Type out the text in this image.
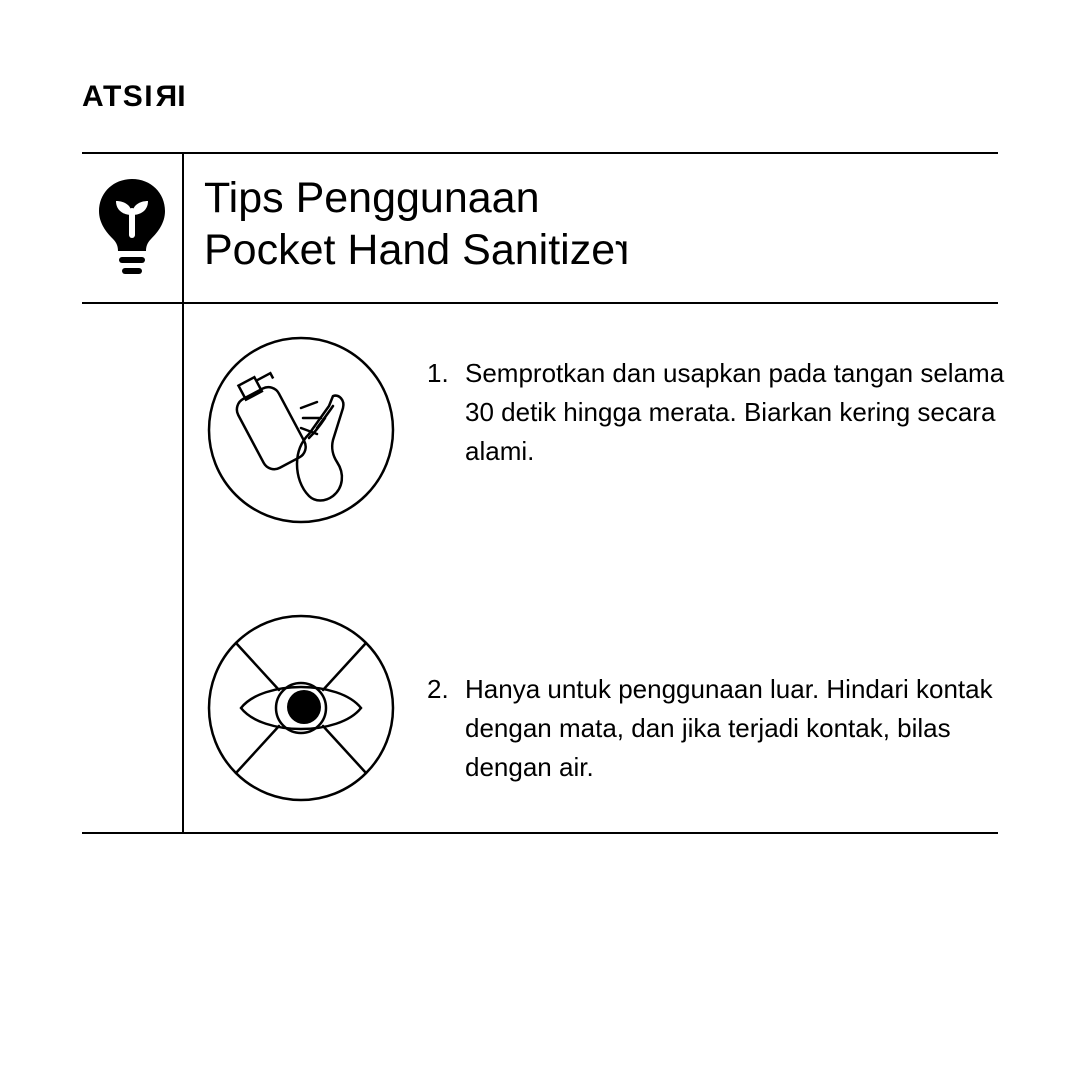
ATSIRI
Tips Penggunaan
Pocket Hand Sanitizer
1. Semprotkan dan usapkan pada tangan selama 30 detik hingga merata. Biarkan kering secara alami.
2. Hanya untuk penggunaan luar. Hindari kontak dengan mata, dan jika terjadi kontak, bilas dengan air.
